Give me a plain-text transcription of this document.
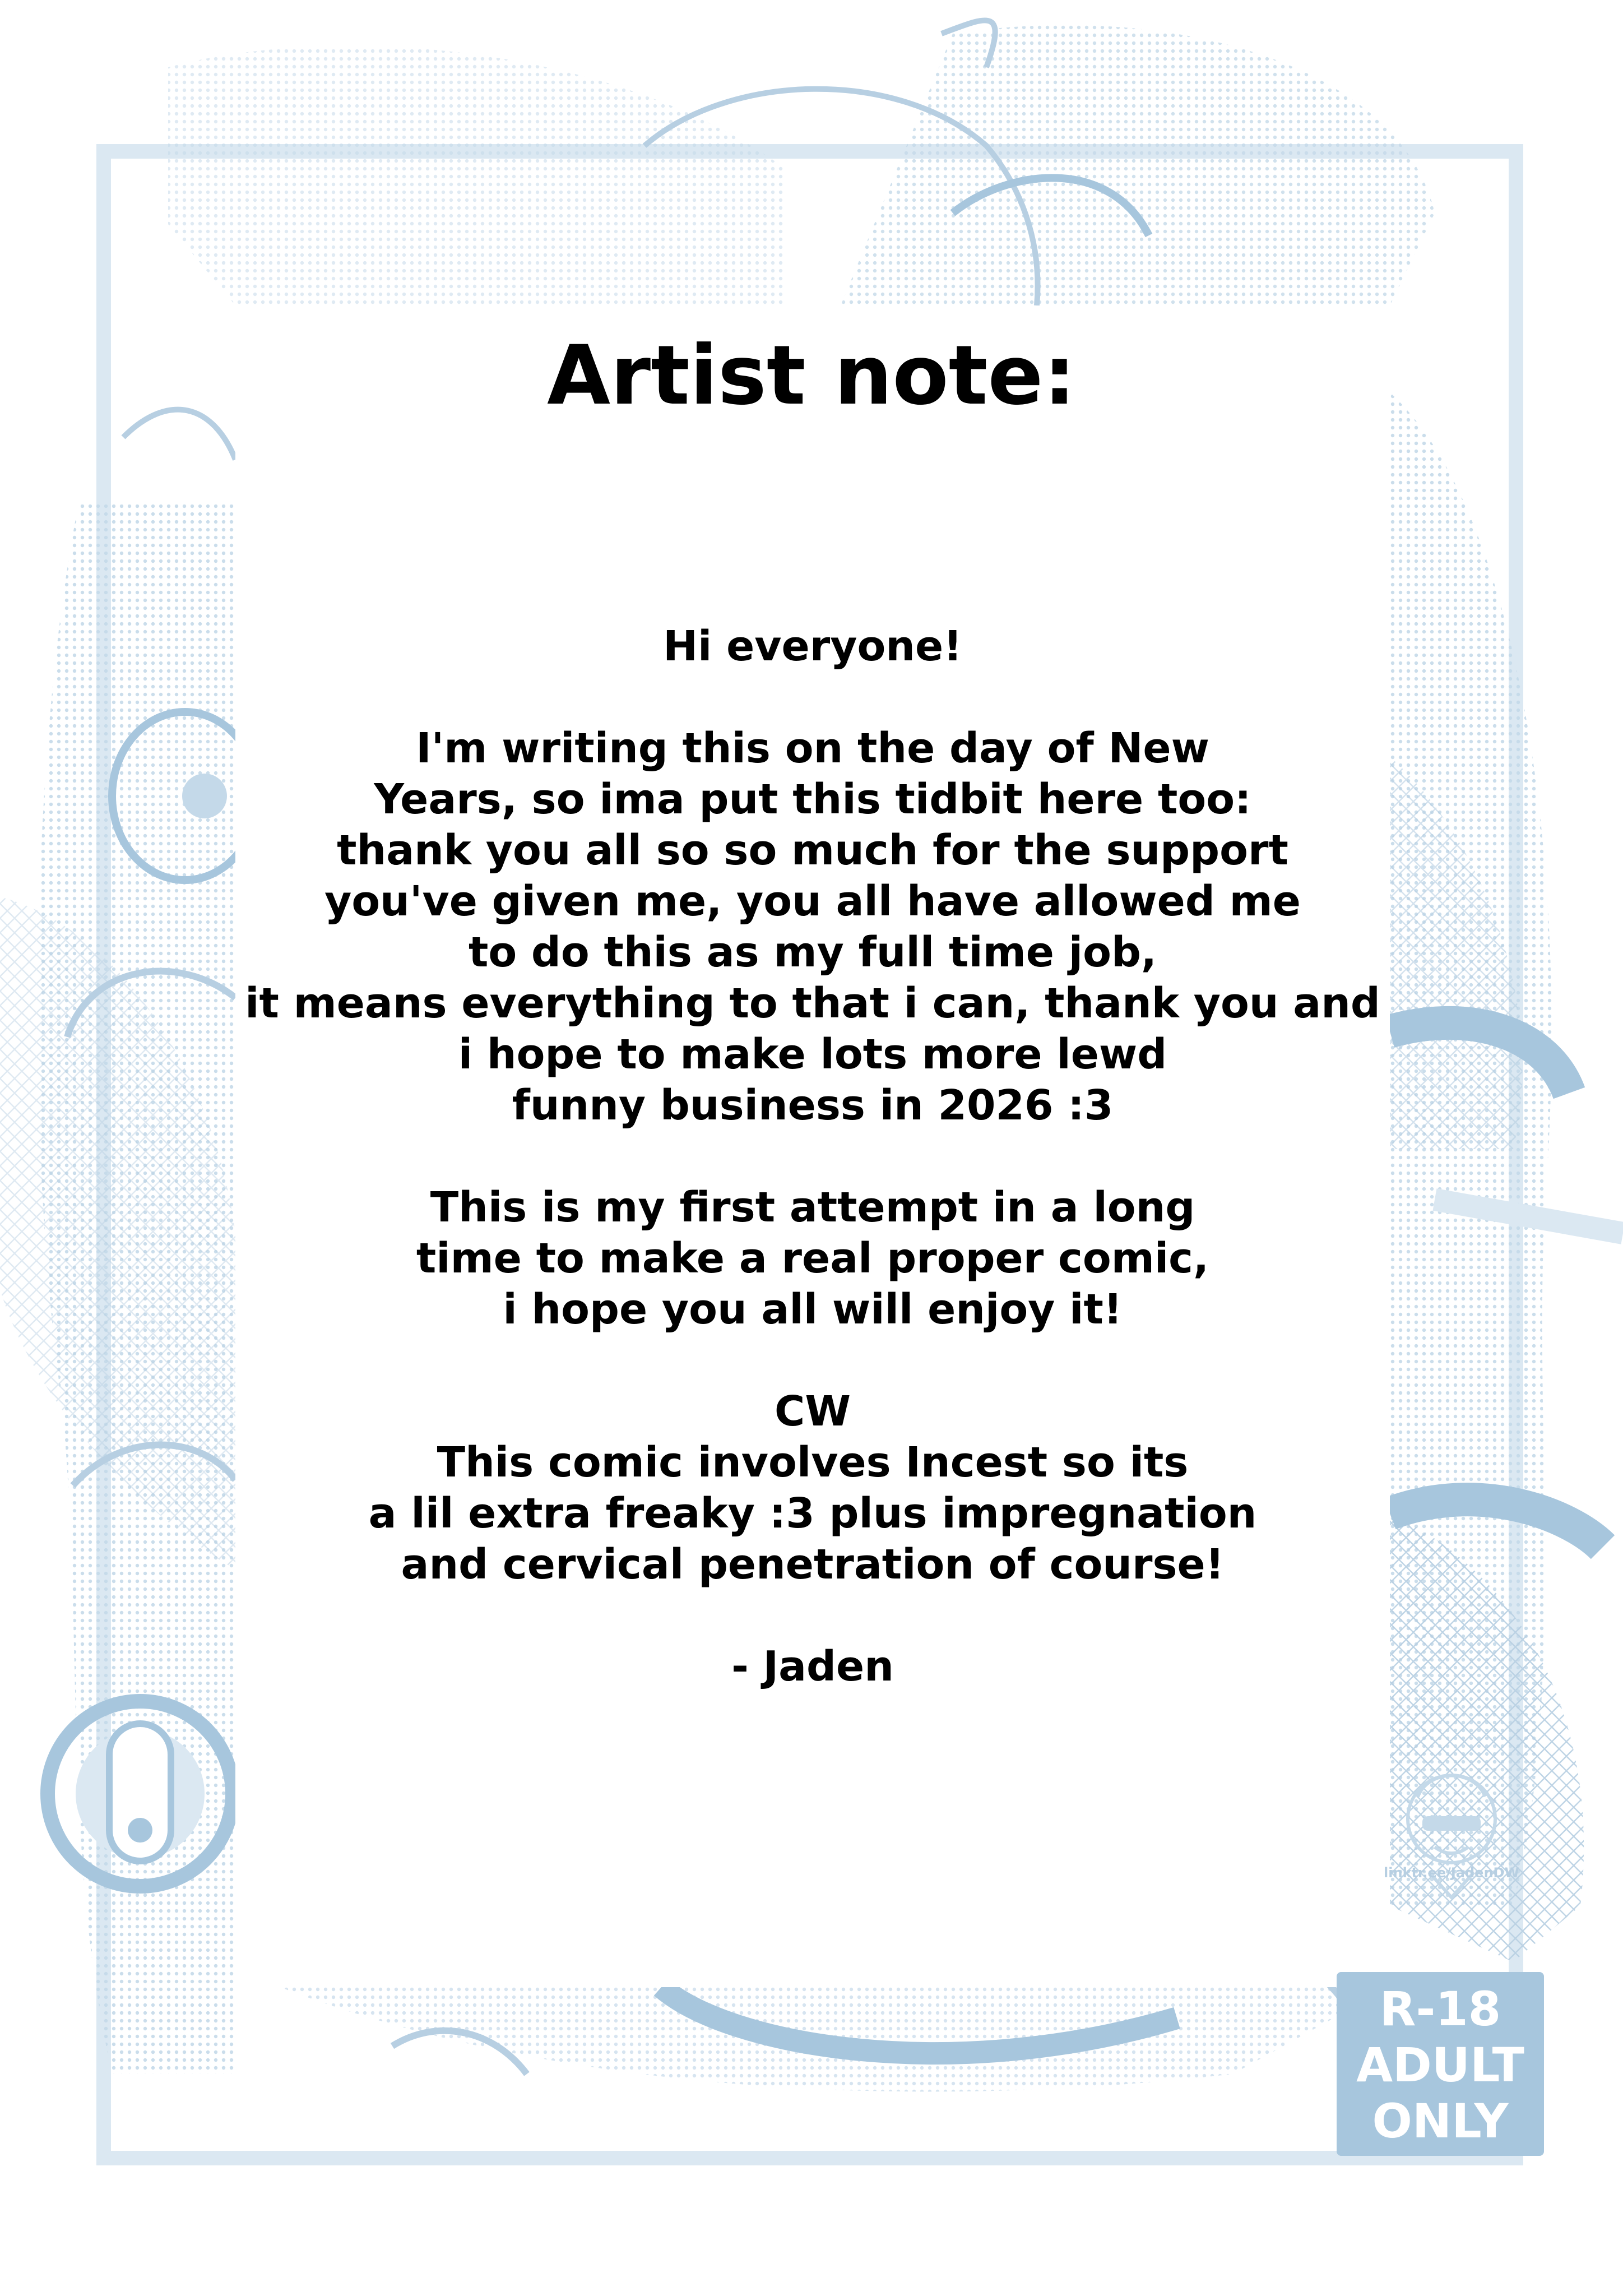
Artist note:
Hi everyone!
I'm writing this on the day of New
Years, so ima put this tidbit here too:
thank you all so so much for the support
you've given me, you all have allowed me
to do this as my full time job,
it means everything to that i can, thank you and
i hope to make lots more lewd
funny business in 2026 :3
This is my first attempt in a long
time to make a real proper comic,
i hope you all will enjoy it!
CW
This comic involves Incest so its
a lil extra freaky :3 plus impregnation
and cervical penetration of course!
- Jaden
linktr.ee/JadenDW
R-18
ADULT
ONLY
